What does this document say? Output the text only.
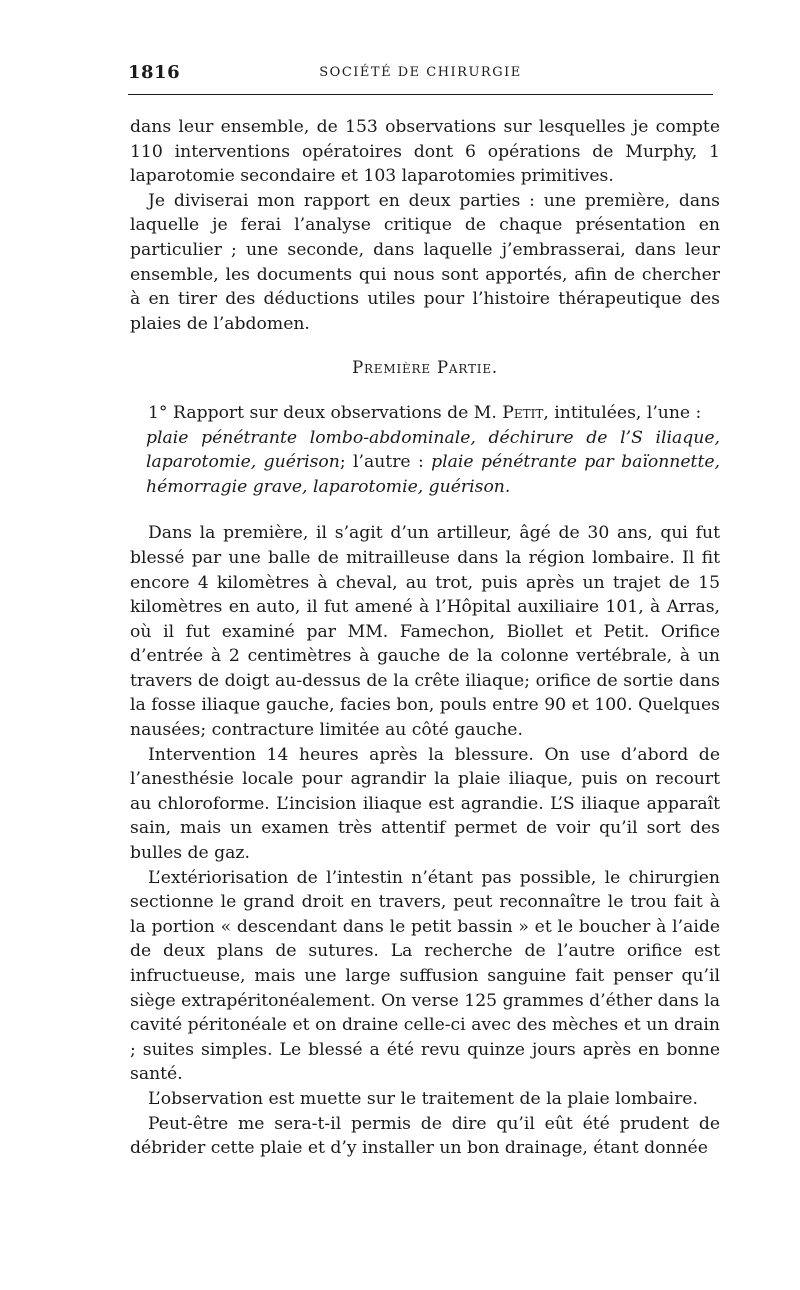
1816	SOCIÉTÉ DE CHIRURGIE

dans leur ensemble, de 153 observations sur lesquelles je compte 110 interventions opératoires dont 6 opérations de Murphy, 1 laparotomie secondaire et 103 laparotomies primitives.

Je diviserai mon rapport en deux parties : une première, dans laquelle je ferai l’analyse critique de chaque présentation en particulier ; une seconde, dans laquelle j’embrasserai, dans leur ensemble, les documents qui nous sont apportés, afin de chercher à en tirer des déductions utiles pour l’histoire thérapeutique des plaies de l’abdomen.

Première Partie.

1° Rapport sur deux observations de M. Petit, intitulées, l’une :

plaie pénétrante lombo-abdominale, déchirure de l’S iliaque, laparotomie, guérison; l’autre : plaie pénétrante par baïonnette, hémorragie grave, laparotomie, guérison.

Dans la première, il s’agit d’un artilleur, âgé de 30 ans, qui fut blessé par une balle de mitrailleuse dans la région lombaire. Il fit encore 4 kilomètres à cheval, au trot, puis après un trajet de 15 kilomètres en auto, il fut amené à l’Hôpital auxiliaire 101, à Arras, où il fut examiné par MM. Famechon, Biollet et Petit. Orifice d’entrée à 2 centimètres à gauche de la colonne vertébrale, à un travers de doigt au-dessus de la crête iliaque; orifice de sortie dans la fosse iliaque gauche, facies bon, pouls entre 90 et 100. Quelques nausées; contracture limitée au côté gauche.

Intervention 14 heures après la blessure. On use d’abord de l’anesthésie locale pour agrandir la plaie iliaque, puis on recourt au chloroforme. L’incision iliaque est agrandie. L’S iliaque apparaît sain, mais un examen très attentif permet de voir qu’il sort des bulles de gaz.

L’extériorisation de l’intestin n’étant pas possible, le chirurgien sectionne le grand droit en travers, peut reconnaître le trou fait à la portion « descendant dans le petit bassin » et le boucher à l’aide de deux plans de sutures. La recherche de l’autre orifice est infructueuse, mais une large suffusion sanguine fait penser qu’il siège extrapéritonéalement. On verse 125 grammes d’éther dans la cavité péritonéale et on draine celle-ci avec des mèches et un drain ; suites simples. Le blessé a été revu quinze jours après en bonne santé.

L’observation est muette sur le traitement de la plaie lombaire.

Peut-être me sera-t-il permis de dire qu’il eût été prudent de débrider cette plaie et d’y installer un bon drainage, étant donnée
